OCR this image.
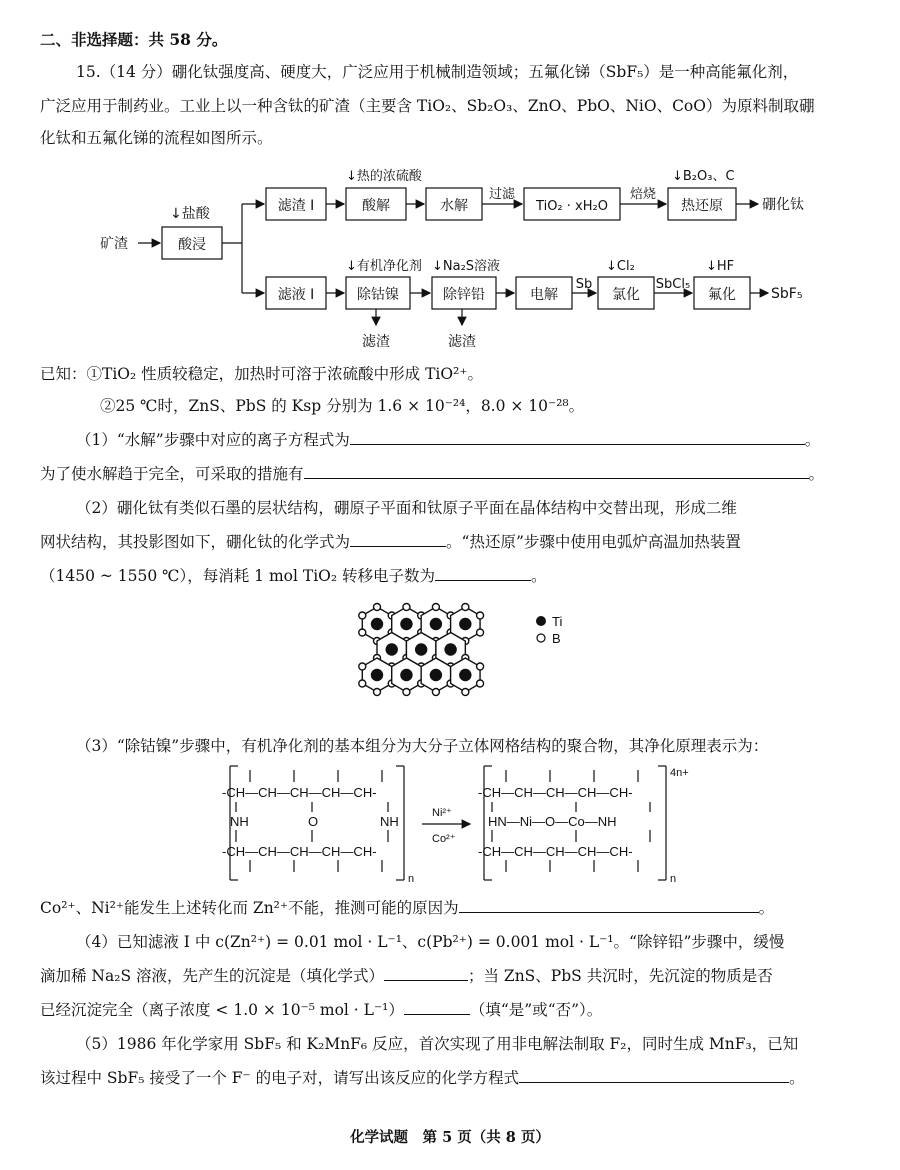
二、非选择题：共 58 分。
15.（14 分）硼化钛强度高、硬度大，广泛应用于机械制造领域；五氟化锑（SbF₅）是一种高能氟化剂，
广泛应用于制药业。工业上以一种含钛的矿渣（主要含 TiO₂、Sb₂O₃、ZnO、PbO、NiO、CoO）为原料制取硼
化钛和五氟化锑的流程如图所示。
矿渣	酸浸
↓盐酸	滤渣 I	酸解	水解	TiO₂ · xH₂O	热还原
↓热的浓硫酸	↓B₂O₃、C
过滤	焙烧
硼化钛
滤液 I	除钴镍	除锌铅	电解	氯化	氟化
↓有机净化剂 ↓Na₂S溶液	↓Cl₂	↓HF
Sb	SbCl₅
SbF₅
滤渣	滤渣
已知：①TiO₂ 性质较稳定，加热时可溶于浓硫酸中形成 TiO²⁺。
②25 ℃时，ZnS、PbS 的 Ksp 分别为 1.6 × 10⁻²⁴，8.0 × 10⁻²⁸。
（1）“水解”步骤中对应的离子方程式为	。
为了使水解趋于完全，可采取的措施有	。
（2）硼化钛有类似石墨的层状结构，硼原子平面和钛原子平面在晶体结构中交替出现，形成二维
网状结构，其投影图如下，硼化钛的化学式为	。“热还原”步骤中使用电弧炉高温加热装置
（1450 ~ 1550 ℃），每消耗 1 mol TiO₂ 转移电子数为	。
Ti
B
（3）“除钴镍”步骤中，有机净化剂的基本组分为大分子立体网格结构的聚合物，其净化原理表示为：
-CH—CH—CH—CH—CH-
NH	O	NH
-CH—CH—CH—CH—CH-
n
Ni²⁺
Co²⁺
-CH—CH—CH—CH—CH-
HN—Ni—O—Co—NH
-CH—CH—CH—CH—CH-
4n+
n
Co²⁺、Ni²⁺能发生上述转化而 Zn²⁺不能，推测可能的原因为	。
（4）已知滤液 I 中 c(Zn²⁺) = 0.01 mol · L⁻¹、c(Pb²⁺) = 0.001 mol · L⁻¹。“除锌铅”步骤中，缓慢
滴加稀 Na₂S 溶液，先产生的沉淀是（填化学式）	；当 ZnS、PbS 共沉时，先沉淀的物质是否
已经沉淀完全（离子浓度 < 1.0 × 10⁻⁵ mol · L⁻¹）	（填“是”或“否”）。
（5）1986 年化学家用 SbF₅ 和 K₂MnF₆ 反应，首次实现了用非电解法制取 F₂，同时生成 MnF₃，已知
该过程中 SbF₅ 接受了一个 F⁻ 的电子对，请写出该反应的化学方程式	。
化学试题　第 5 页（共 8 页）
